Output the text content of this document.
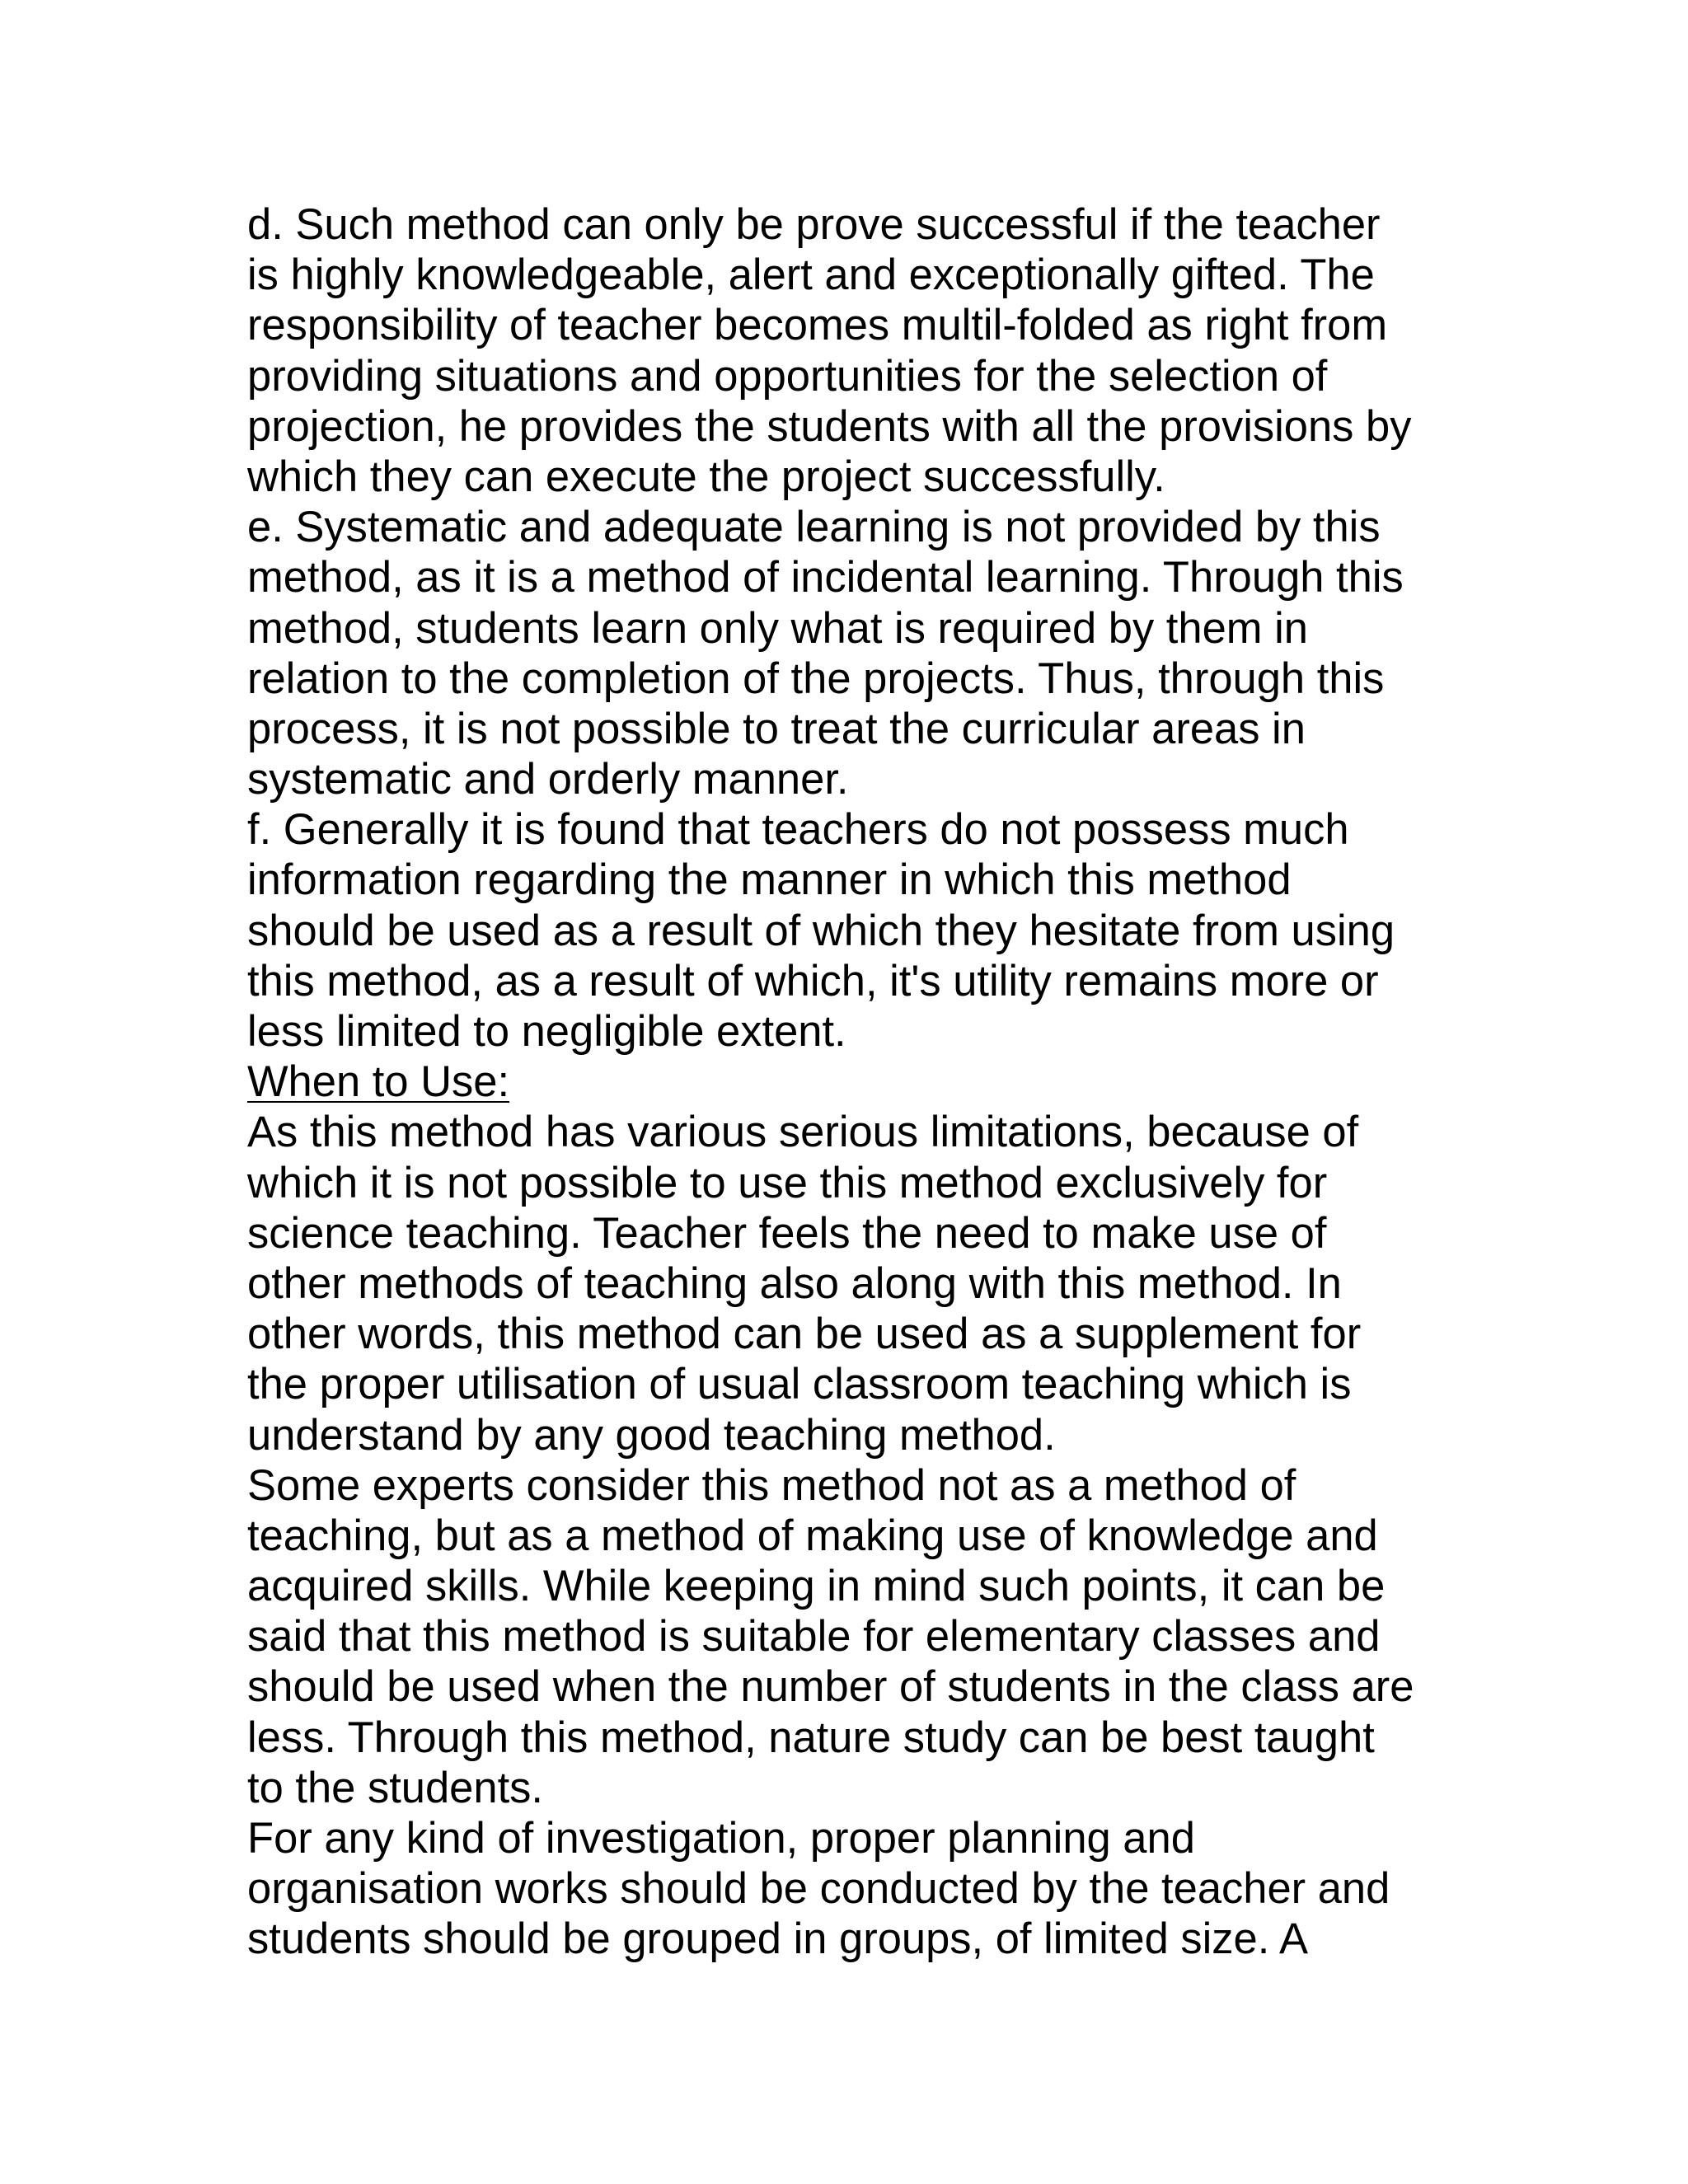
d. Such method can only be prove successful if the teacher
is highly knowledgeable, alert and exceptionally gifted. The
responsibility of teacher becomes multil-folded as right from
providing situations and opportunities for the selection of
projection, he provides the students with all the provisions by
which they can execute the project successfully.
e. Systematic and adequate learning is not provided by this
method, as it is a method of incidental learning. Through this
method, students learn only what is required by them in
relation to the completion of the projects. Thus, through this
process, it is not possible to treat the curricular areas in
systematic and orderly manner.
f. Generally it is found that teachers do not possess much
information regarding the manner in which this method
should be used as a result of which they hesitate from using
this method, as a result of which, it's utility remains more or
less limited to negligible extent.
When to Use:
As this method has various serious limitations, because of
which it is not possible to use this method exclusively for
science teaching. Teacher feels the need to make use of
other methods of teaching also along with this method. In
other words, this method can be used as a supplement for
the proper utilisation of usual classroom teaching which is
understand by any good teaching method.
Some experts consider this method not as a method of
teaching, but as a method of making use of knowledge and
acquired skills. While keeping in mind such points, it can be
said that this method is suitable for elementary classes and
should be used when the number of students in the class are
less. Through this method, nature study can be best taught
to the students.
For any kind of investigation, proper planning and
organisation works should be conducted by the teacher and
students should be grouped in groups, of limited size. A
